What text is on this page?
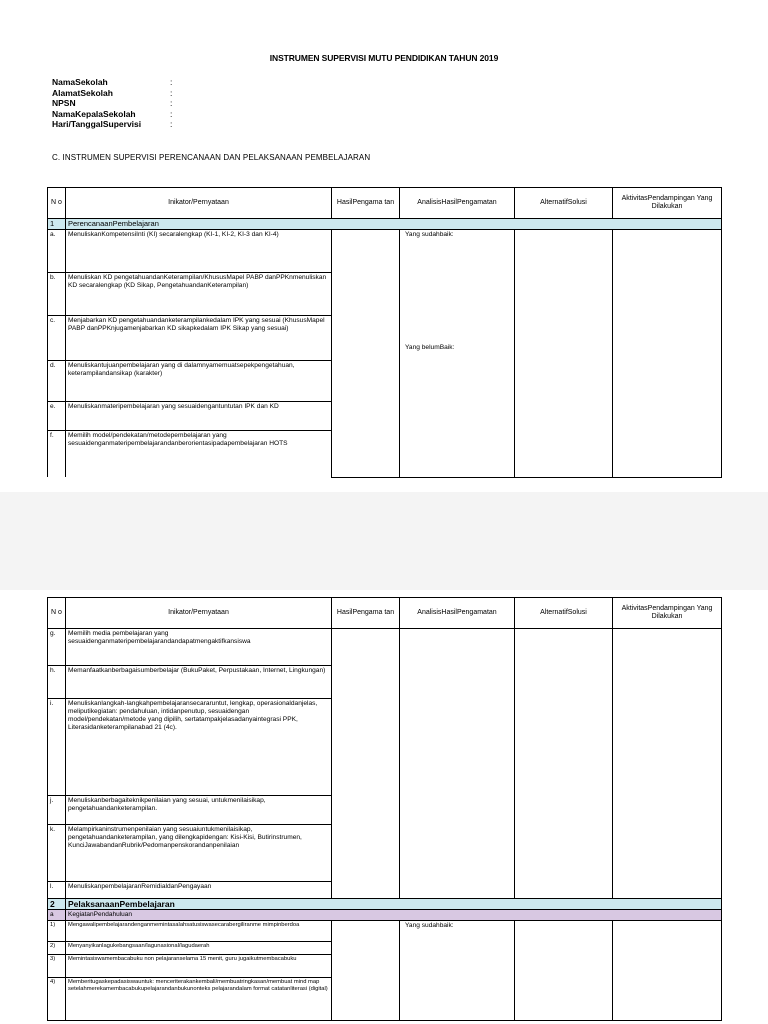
INSTRUMEN SUPERVISI MUTU PENDIDIKAN TAHUN 2019
NamaSekolah	:
AlamatSekolah	:
NPSN	:
NamaKepalaSekolah	:
Hari/TanggalSupervisi	:
C. INSTRUMEN SUPERVISI PERENCANAAN DAN PELAKSANAAN PEMBELAJARAN
N o	Inikator/Pernyataan	HasilPengama tan	AnalisisHasilPengamatan	AlternatifSolusi	AktivitasPendampingan Yang Dilakukan
1	PerencanaanPembelajaran				
a.	MenuliskanKompetensiInti (KI) secaralengkap (KI-1, KI-2, KI-3 dan KI-4)		Yang sudahbaik:
Yang belumBaik:		

b.	Menuliskan KD pengetahuandanKeterampilan/KhususMapel PABP danPPKnmenuliskan KD secaralengkap (KD Sikap, PengetahuandanKeterampilan)				
c.	Menjabarkan KD pengetahuandanketerampilankedalam IPK yang sesuai (KhususMapel PABP danPPKnjugamenjabarkan KD sikapkedalam IPK Sikap yang sesuai)				
d.	Menuliskantujuanpembelajaran yang di dalamnyamemuatsepekpengetahuan, keterampilandansikap (karakter)				
e.	Menuliskanmateripembelajaran yang sesuaidengantuntutan IPK dan KD				
f.	Memilih model/pendekatan/metodepembelajaran yang sesuaidenganmateripembelajarandanberorientasipadapembelajaran HOTS				
N o	Inikator/Pernyataan	HasilPengama tan	AnalisisHasilPengamatan	AlternatifSolusi	AktivitasPendampingan Yang Dilakukan
g.	Memilih media pembelajaran yang sesuaidenganmateripembelajarandandapatmengaktifkansiswa				
h.	Memanfaatkanberbagaisumberbelajar (BukuPaket, Perpustakaan, Internet, Lingkungan)				
i.	Menuliskanlangkah-langkahpembelajaransecararuntut, lengkap, operasionaldanjelas, meliputikegiatan: pendahuluan, intidanpenutup, sesuaidengan model/pendekatan/metode yang dipilih, sertatampakjelasadanyaintegrasi PPK, Literasidanketerampilanabad 21 (4c).				
j.	Menuliskanberbagaiteknikpenilaian yang sesuai, untukmenilaisikap, pengetahuandanketerampilan.				
k.	Melampirkaninstrumenpenilaian yang sesuaiuntukmenilaisikap, pengetahuandanketerampilan, yang dilengkapidengan: Kisi-Kisi, Butirinstrumen, KunciJawabandanRubrik/Pedomanpenskorandanpenilaian				
l.	MenuliskanpembelajaranRemidialdanPengayaan				
2	PelaksanaanPembelajaran				
a	KegiatanPendahuluan				
1)	Mengawalipembelajarandenganmemintasalahsatusiswasecarabergiliranme mimpinberdoa		Yang sudahbaik:		

2)	Menyanyikanlagukebangsaan/lagunasional/lagudaerah				
3)	Memintasiswamembacabuku non pelajaranselama 15 menit, guru jugaikutmembacabuku				
4)	Memberitugaskepadasiswauntuk: menceriterakankembali/membuatringkasan/membuat mind map setelahmerekamembacabukupelajarandanbukunonteks pelajarandalam format catatanliterasi (digital)				
